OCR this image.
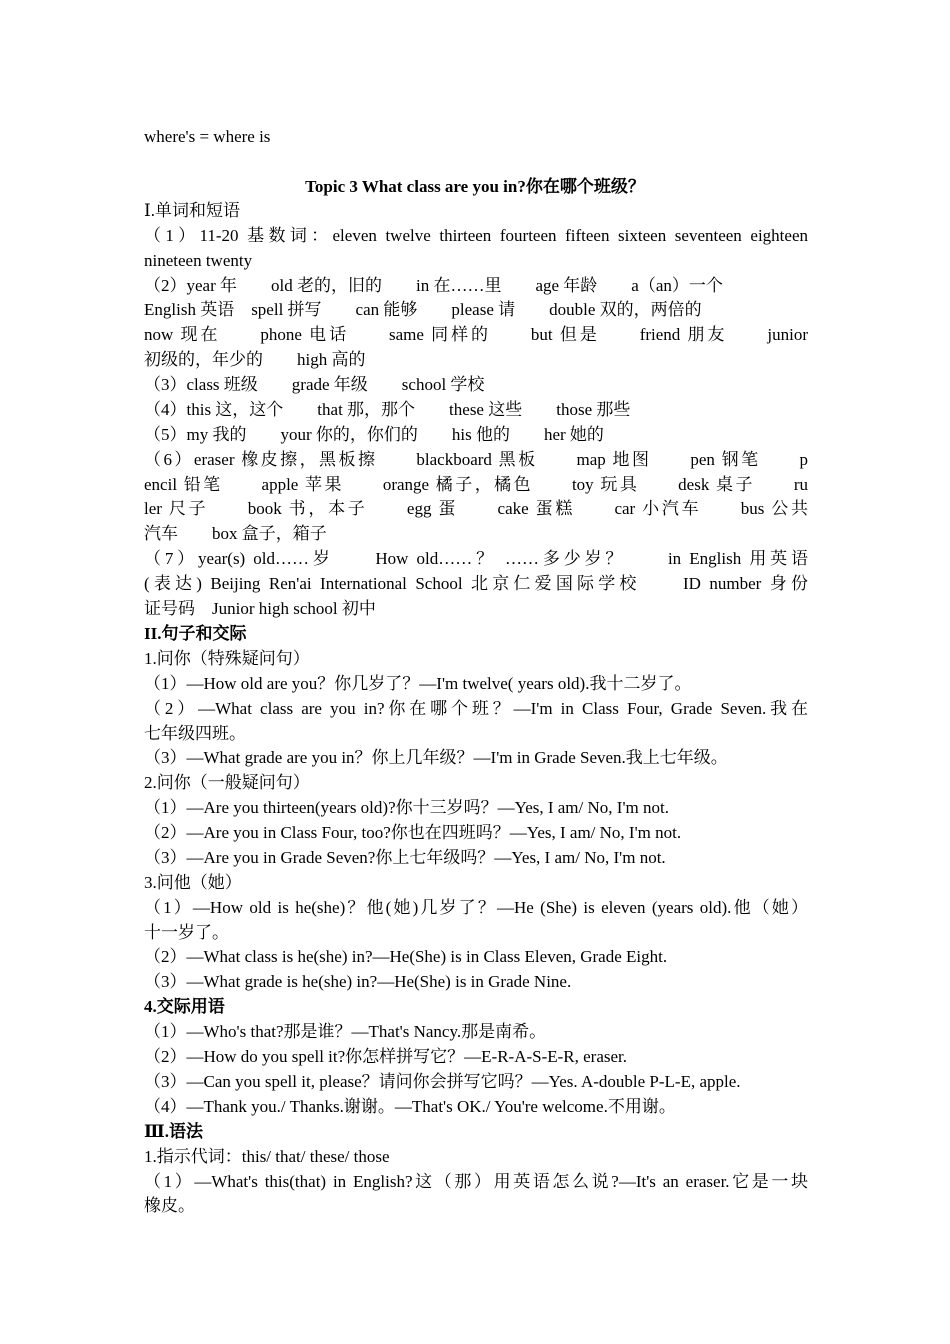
where's = where is
Topic 3 What class are you in?你在哪个班级？
Ⅰ.单词和短语
（1）11-20 基数词：eleven twelve thirteen fourteen fifteen sixteen seventeen eighteen
nineteen twenty
（2）year 年　　old 老的，旧的　　in 在……里　　age 年龄　　a（an）一个
English 英语　spell 拼写　　can 能够　　please 请　　double 双的，两倍的
now 现在　　phone 电话　　same 同样的　　but 但是　　friend 朋友　　junior
初级的，年少的　　high 高的
（3）class 班级　　grade 年级　　school 学校
（4）this 这，这个　　that 那，那个　　these 这些　　those 那些
（5）my 我的　　your 你的，你们的　　his 他的　　her 她的
（6）eraser 橡皮擦，黑板擦　　blackboard 黑板　　map 地图　　pen 钢笔　　p
encil 铅笔　　apple 苹果　　orange 橘子，橘色　　toy 玩具　　desk 桌子　　ru
ler 尺子　　book 书，本子　　egg 蛋　　cake 蛋糕　　car 小汽车　　bus 公共
汽车　　box 盒子，箱子
（7）year(s) old……岁　　How old……？ ……多少岁？　　in English 用英语
(表达) Beijing Ren'ai International School 北京仁爱国际学校　　ID number 身份
证号码　Junior high school 初中
II.句子和交际
1.问你（特殊疑问句）
（1）—How old are you？你几岁了？—I'm twelve( years old).我十二岁了。
（2）—What class are you in?你在哪个班？—I'm in Class Four, Grade Seven.我在
七年级四班。
（3）—What grade are you in？你上几年级？—I'm in Grade Seven.我上七年级。
2.问你（一般疑问句）
（1）—Are you thirteen(years old)?你十三岁吗？—Yes, I am/ No, I'm not.
（2）—Are you in Class Four, too?你也在四班吗？—Yes, I am/ No, I'm not.
（3）—Are you in Grade Seven?你上七年级吗？—Yes, I am/ No, I'm not.
3.问他（她）
（1）—How old is he(she)？他(她)几岁了？—He (She) is eleven (years old).他（她）
十一岁了。
（2）—What class is he(she) in?—He(She) is in Class Eleven, Grade Eight.
（3）—What grade is he(she) in?—He(She) is in Grade Nine.
4.交际用语
（1）—Who's that?那是谁？—That's Nancy.那是南希。
（2）—How do you spell it?你怎样拼写它？—E-R-A-S-E-R, eraser.
（3）—Can you spell it, please？请问你会拼写它吗？—Yes. A-double P-L-E, apple.
（4）—Thank you./ Thanks.谢谢。—That's OK./ You're welcome.不用谢。
Ⅲ.语法
1.指示代词：this/ that/ these/ those
（1）—What's this(that) in English?这（那）用英语怎么说?—It's an eraser.它是一块
橡皮。
